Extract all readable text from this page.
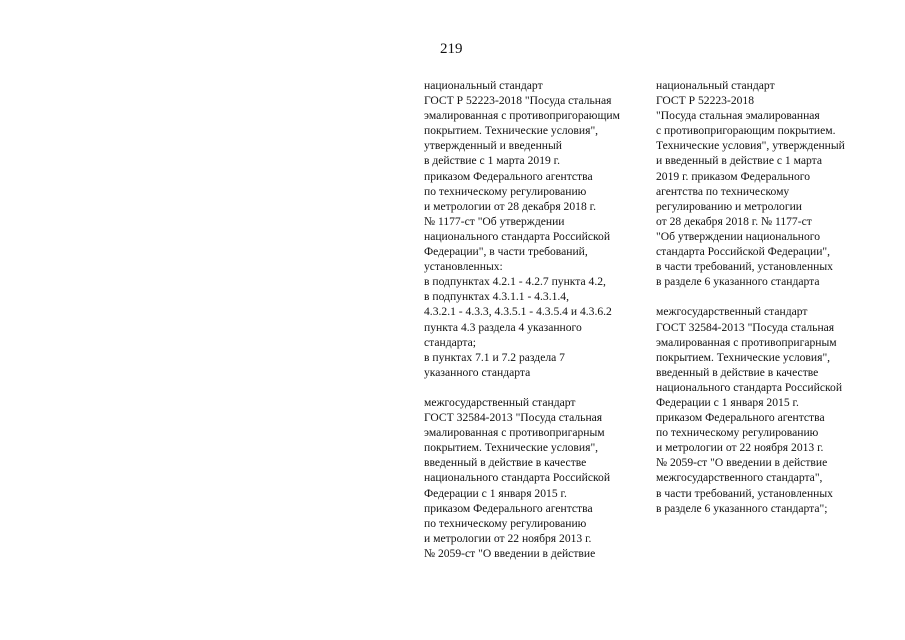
219
национальный стандарт
ГОСТ Р 52223-2018 "Посуда стальная
эмалированная с противопригорающим
покрытием. Технические условия",
утвержденный и введенный
в действие с 1 марта 2019 г.
приказом Федерального агентства
по техническому регулированию
и метрологии от 28 декабря 2018 г.
№ 1177-ст "Об утверждении
национального стандарта Российской
Федерации", в части требований,
установленных:
в подпунктах 4.2.1 - 4.2.7 пункта 4.2,
в подпунктах 4.3.1.1 - 4.3.1.4,
4.3.2.1 - 4.3.3, 4.3.5.1 - 4.3.5.4 и 4.3.6.2
пункта 4.3 раздела 4 указанного
стандарта;
в пунктах 7.1 и 7.2 раздела 7
указанного стандарта
межгосударственный стандарт
ГОСТ 32584-2013 "Посуда стальная
эмалированная с противопригарным
покрытием. Технические условия",
введенный в действие в качестве
национального стандарта Российской
Федерации с 1 января 2015 г.
приказом Федерального агентства
по техническому регулированию
и метрологии от 22 ноября 2013 г.
№ 2059-ст "О введении в действие
национальный стандарт
ГОСТ Р 52223-2018
"Посуда стальная эмалированная
с противопригорающим покрытием.
Технические условия", утвержденный
и введенный в действие с 1 марта
2019 г. приказом Федерального
агентства по техническому
регулированию и метрологии
от 28 декабря 2018 г. № 1177-ст
"Об утверждении национального
стандарта Российской Федерации",
в части требований, установленных
в разделе 6 указанного стандарта
межгосударственный стандарт
ГОСТ 32584-2013 "Посуда стальная
эмалированная с противопригарным
покрытием. Технические условия",
введенный в действие в качестве
национального стандарта Российской
Федерации с 1 января 2015 г.
приказом Федерального агентства
по техническому регулированию
и метрологии от 22 ноября 2013 г.
№ 2059-ст "О введении в действие
межгосударственного стандарта",
в части требований, установленных
в разделе 6 указанного стандарта";
